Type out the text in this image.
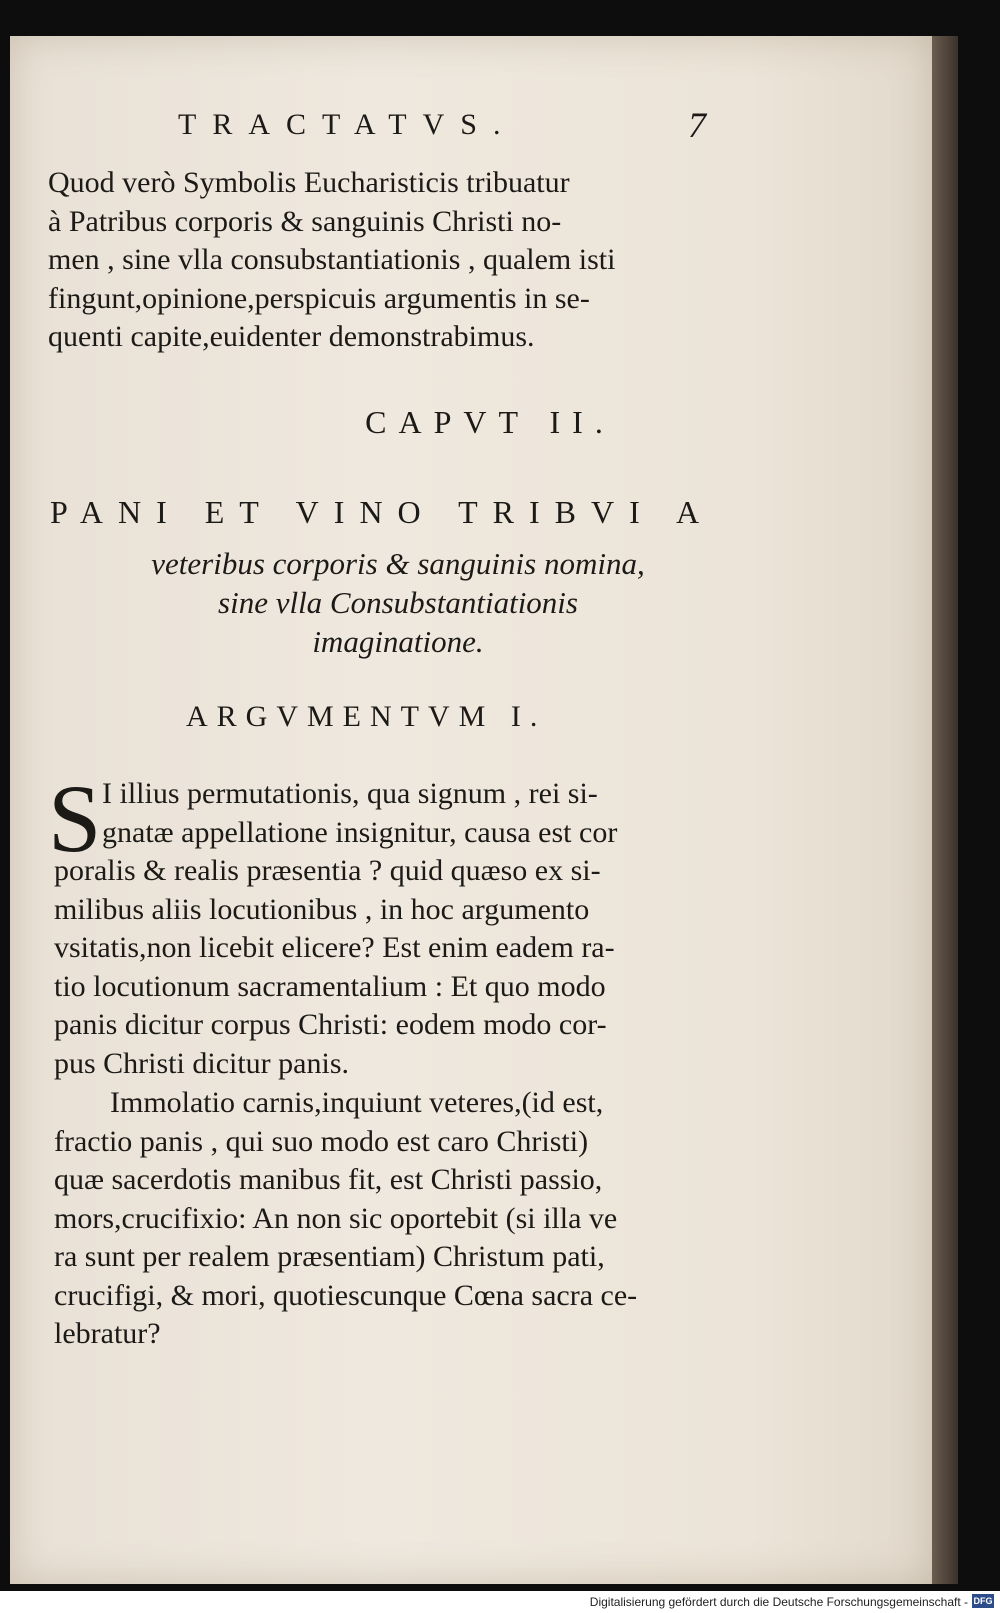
TRACTATVS.	7
Quod verò Symbolis Eucharisticis tribuatur
à Patribus corporis & sanguinis Christi no-
men , sine vlla consubstantiationis , qualem isti
fingunt,opinione,perspicuis argumentis in se-
quenti capite,euidenter demonstrabimus.
CAPVT II.
PANI ET VINO TRIBVI A
veteribus corporis & sanguinis nomina,
sine vlla Consubstantiationis
imaginatione.
ARGVMENTVM I.
S I illius permutationis, qua signum , rei si-
gnatæ appellatione insignitur, causa est cor
poralis & realis præsentia ? quid quæso ex si-
milibus aliis locutionibus , in hoc argumento
vsitatis,non licebit elicere? Est enim eadem ra-
tio locutionum sacramentalium : Et quo modo
panis dicitur corpus Christi: eodem modo cor-
pus Christi dicitur panis.
Immolatio carnis,inquiunt veteres,(id est,
fractio panis , qui suo modo est caro Christi)
quæ sacerdotis manibus fit, est Christi passio,
mors,crucifixio: An non sic oportebit (si illa ve
ra sunt per realem præsentiam) Christum pati,
crucifigi, & mori, quotiescunque Cœna sacra ce-
lebratur?
Digitalisierung gefördert durch die Deutsche Forschungsgemeinschaft - DFG
